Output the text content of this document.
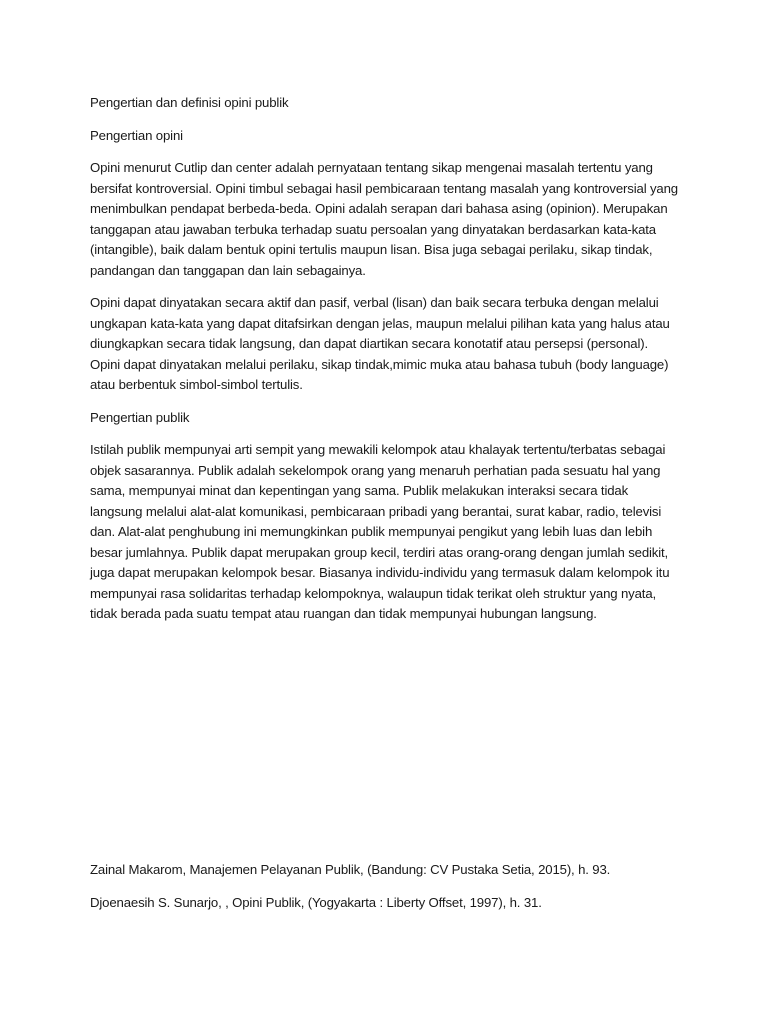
Pengertian dan definisi opini publik

Pengertian opini

Opini menurut Cutlip dan center adalah pernyataan tentang sikap mengenai masalah tertentu yang bersifat kontroversial. Opini timbul sebagai hasil pembicaraan tentang masalah yang kontroversial yang menimbulkan pendapat berbeda-beda. Opini adalah serapan dari bahasa asing (opinion). Merupakan tanggapan atau jawaban terbuka terhadap suatu persoalan yang dinyatakan berdasarkan kata-kata (intangible), baik dalam bentuk opini tertulis maupun lisan. Bisa juga sebagai perilaku, sikap tindak, pandangan dan tanggapan dan lain sebagainya.

Opini dapat dinyatakan secara aktif dan pasif, verbal (lisan) dan baik secara terbuka dengan melalui ungkapan kata-kata yang dapat ditafsirkan dengan jelas, maupun melalui pilihan kata yang halus atau diungkapkan secara tidak langsung, dan dapat diartikan secara konotatif atau persepsi (personal). Opini dapat dinyatakan melalui perilaku, sikap tindak,mimic muka atau bahasa tubuh (body language) atau berbentuk simbol-simbol tertulis.

Pengertian publik

Istilah publik mempunyai arti sempit yang mewakili kelompok atau khalayak tertentu/terbatas sebagai objek sasarannya. Publik adalah sekelompok orang yang menaruh perhatian pada sesuatu hal yang sama, mempunyai minat dan kepentingan yang sama. Publik melakukan interaksi secara tidak langsung melalui alat-alat komunikasi, pembicaraan pribadi yang berantai, surat kabar, radio, televisi dan. Alat-alat penghubung ini memungkinkan publik mempunyai pengikut yang lebih luas dan lebih besar jumlahnya. Publik dapat merupakan group kecil, terdiri atas orang-orang dengan jumlah sedikit, juga dapat merupakan kelompok besar. Biasanya individu-individu yang termasuk dalam kelompok itu mempunyai rasa solidaritas terhadap kelompoknya, walaupun tidak terikat oleh struktur yang nyata, tidak berada pada suatu tempat atau ruangan dan tidak mempunyai hubungan langsung.

Zainal Makarom, Manajemen Pelayanan Publik, (Bandung: CV Pustaka Setia, 2015), h. 93.

Djoenaesih S. Sunarjo, , Opini Publik, (Yogyakarta : Liberty Offset, 1997), h. 31.
